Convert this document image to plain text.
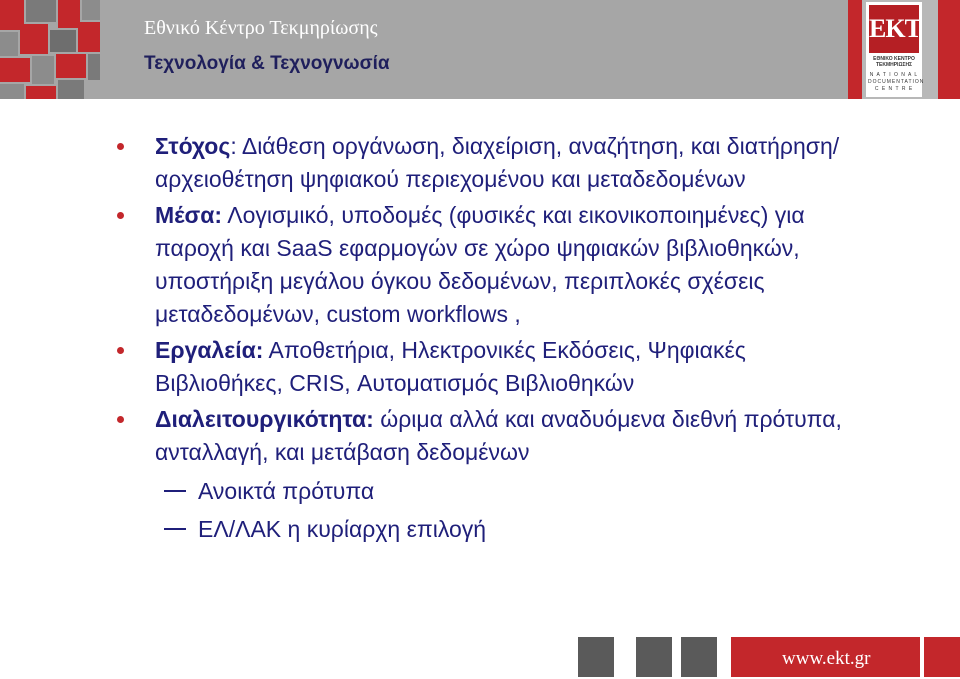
Εθνικό Κέντρο Τεκμηρίωσης
Τεχνολογία & Τεχνογνωσία
EKT
ΕΘΝΙΚΟ ΚΕΝΤΡΟ ΤΕΚΜΗΡΙΩΣΗΣ
N A T I O N A L DOCUMENTATION C E N T R E
Στόχος: Διάθεση οργάνωση, διαχείριση, αναζήτηση, και διατήρηση/ αρχειοθέτηση ψηφιακού περιεχομένου και μεταδεδομένων
Μέσα: Λογισμικό, υποδομές (φυσικές και εικονικοποιημένες) για παροχή και SaaS εφαρμογών σε χώρο ψηφιακών βιβλιοθηκών, υποστήριξη μεγάλου όγκου δεδομένων, περιπλοκές σχέσεις μεταδεδομένων, custom workflows ,
Εργαλεία: Αποθετήρια, Ηλεκτρονικές Εκδόσεις, Ψηφιακές Βιβλιοθήκες, CRIS, Αυτοματισμός Βιβλιοθηκών
Διαλειτουργικότητα: ώριμα αλλά και αναδυόμενα διεθνή πρότυπα, ανταλλαγή, και μετάβαση δεδομένων
Ανοικτά πρότυπα
ΕΛ/ΛΑΚ η κυρίαρχη επιλογή
www.ekt.gr
